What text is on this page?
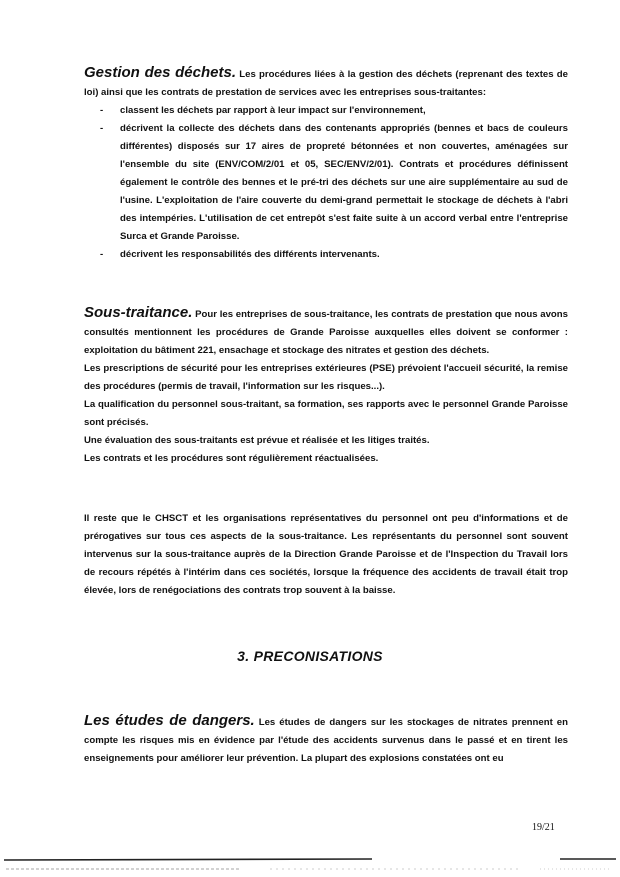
Gestion des déchets. Les procédures liées à la gestion des déchets (reprenant des textes de loi) ainsi que les contrats de prestation de services avec les entreprises sous-traitantes:

- classent les déchets par rapport à leur impact sur l'environnement,
- décrivent la collecte des déchets dans des contenants appropriés (bennes et bacs de couleurs différentes) disposés sur 17 aires de propreté bétonnées et non couvertes, aménagées sur l'ensemble du site (ENV/COM/2/01 et 05, SEC/ENV/2/01). Contrats et procédures définissent également le contrôle des bennes et le pré-tri des déchets sur une aire supplémentaire au sud de l'usine. L'exploitation de l'aire couverte du demi-grand permettait le stockage de déchets à l'abri des intempéries. L'utilisation de cet entrepôt s'est faite suite à un accord verbal entre l'entreprise Surca et Grande Paroisse.
- décrivent les responsabilités des différents intervenants.

Sous-traitance. Pour les entreprises de sous-traitance, les contrats de prestation que nous avons consultés mentionnent les procédures de Grande Paroisse auxquelles elles doivent se conformer : exploitation du bâtiment 221, ensachage et stockage des nitrates et gestion des déchets.

Les prescriptions de sécurité pour les entreprises extérieures (PSE) prévoient l'accueil sécurité, la remise des procédures (permis de travail, l'information sur les risques...).

La qualification du personnel sous-traitant, sa formation, ses rapports avec le personnel Grande Paroisse sont précisés.

Une évaluation des sous-traitants est prévue et réalisée et les litiges traités.

Les contrats et les procédures sont régulièrement réactualisées.

Il reste que le CHSCT et les organisations représentatives du personnel ont peu d'informations et de prérogatives sur tous ces aspects de la sous-traitance. Les représentants du personnel sont souvent intervenus sur la sous-traitance auprès de la Direction Grande Paroisse et de l'Inspection du Travail lors de recours répétés à l'intérim dans ces sociétés, lorsque la fréquence des accidents de travail était trop élevée, lors de renégociations des contrats trop souvent à la baisse.

3. PRECONISATIONS

Les études de dangers. Les études de dangers sur les stockages de nitrates prennent en compte les risques mis en évidence par l'étude des accidents survenus dans le passé et en tirent les enseignements pour améliorer leur prévention. La plupart des explosions constatées ont eu

19/21
